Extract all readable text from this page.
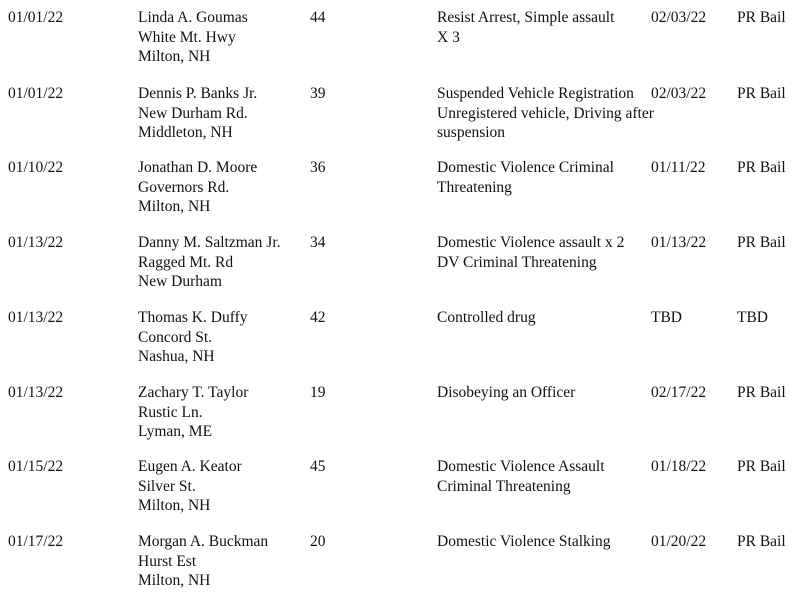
01/01/22	Linda A. Goumas
White Mt. Hwy
Milton, NH
44	Resist Arrest, Simple assault
X 3
02/03/22 PR Bail
01/01/22	Dennis P. Banks Jr.
New Durham Rd.
Middleton, NH
39	Suspended Vehicle Registration
Unregistered vehicle, Driving after
suspension
02/03/22 PR Bail
01/10/22	Jonathan D. Moore
Governors Rd.
Milton, NH
36	Domestic Violence Criminal
Threatening
01/11/22 PR Bail
01/13/22	Danny M. Saltzman Jr.
Ragged Mt. Rd
New Durham
34	Domestic Violence assault x 2
DV Criminal Threatening
01/13/22 PR Bail
01/13/22	Thomas K. Duffy
Concord St.
Nashua, NH
42	Controlled drug	TBD	TBD
01/13/22	Zachary T. Taylor
Rustic Ln.
Lyman, ME
19	Disobeying an Officer	02/17/22 PR Bail
01/15/22	Eugen A. Keator
Silver St.
Milton, NH
45	Domestic Violence Assault
Criminal Threatening
01/18/22 PR Bail
01/17/22	Morgan A. Buckman
Hurst Est
Milton, NH
20	Domestic Violence Stalking	01/20/22 PR Bail
